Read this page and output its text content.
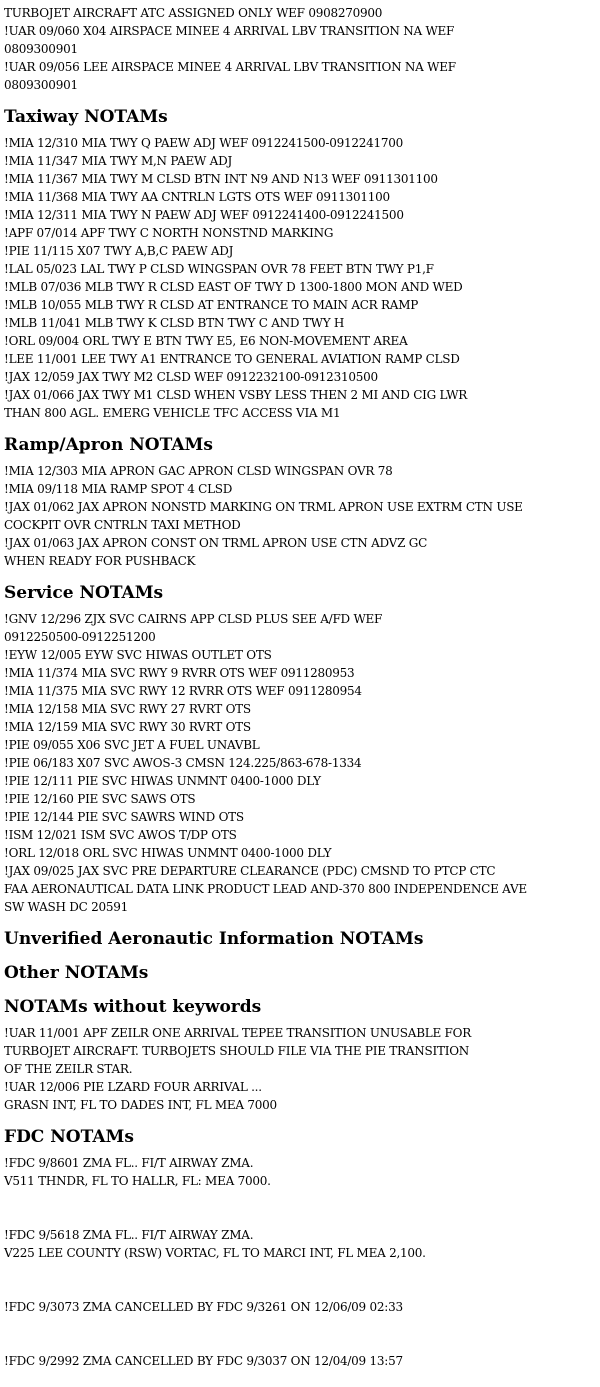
TURBOJET AIRCRAFT ATC ASSIGNED ONLY WEF 0908270900
!UAR 09/060 X04 AIRSPACE MINEE 4 ARRIVAL LBV TRANSITION NA WEF
0809300901
!UAR 09/056 LEE AIRSPACE MINEE 4 ARRIVAL LBV TRANSITION NA WEF
0809300901
Taxiway NOTAMs
!MIA 12/310 MIA TWY Q PAEW ADJ WEF 0912241500-0912241700
!MIA 11/347 MIA TWY M,N PAEW ADJ
!MIA 11/367 MIA TWY M CLSD BTN INT N9 AND N13 WEF 0911301100
!MIA 11/368 MIA TWY AA CNTRLN LGTS OTS WEF 0911301100
!MIA 12/311 MIA TWY N PAEW ADJ WEF 0912241400-0912241500
!APF 07/014 APF TWY C NORTH NONSTND MARKING
!PIE 11/115 X07 TWY A,B,C PAEW ADJ
!LAL 05/023 LAL TWY P CLSD WINGSPAN OVR 78 FEET BTN TWY P1,F
!MLB 07/036 MLB TWY R CLSD EAST OF TWY D 1300-1800 MON AND WED
!MLB 10/055 MLB TWY R CLSD AT ENTRANCE TO MAIN ACR RAMP
!MLB 11/041 MLB TWY K CLSD BTN TWY C AND TWY H
!ORL 09/004 ORL TWY E BTN TWY E5, E6 NON-MOVEMENT AREA
!LEE 11/001 LEE TWY A1 ENTRANCE TO GENERAL AVIATION RAMP CLSD
!JAX 12/059 JAX TWY M2 CLSD WEF 0912232100-0912310500
!JAX 01/066 JAX TWY M1 CLSD WHEN VSBY LESS THEN 2 MI AND CIG LWR
THAN 800 AGL. EMERG VEHICLE TFC ACCESS VIA M1
Ramp/Apron NOTAMs
!MIA 12/303 MIA APRON GAC APRON CLSD WINGSPAN OVR 78
!MIA 09/118 MIA RAMP SPOT 4 CLSD
!JAX 01/062 JAX APRON NONSTD MARKING ON TRML APRON USE EXTRM CTN USE
COCKPIT OVR CNTRLN TAXI METHOD
!JAX 01/063 JAX APRON CONST ON TRML APRON USE CTN ADVZ GC
WHEN READY FOR PUSHBACK
Service NOTAMs
!GNV 12/296 ZJX SVC CAIRNS APP CLSD PLUS SEE A/FD WEF
0912250500-0912251200
!EYW 12/005 EYW SVC HIWAS OUTLET OTS
!MIA 11/374 MIA SVC RWY 9 RVRR OTS WEF 0911280953
!MIA 11/375 MIA SVC RWY 12 RVRR OTS WEF 0911280954
!MIA 12/158 MIA SVC RWY 27 RVRT OTS
!MIA 12/159 MIA SVC RWY 30 RVRT OTS
!PIE 09/055 X06 SVC JET A FUEL UNAVBL
!PIE 06/183 X07 SVC AWOS-3 CMSN 124.225/863-678-1334
!PIE 12/111 PIE SVC HIWAS UNMNT 0400-1000 DLY
!PIE 12/160 PIE SVC SAWS OTS
!PIE 12/144 PIE SVC SAWRS WIND OTS
!ISM 12/021 ISM SVC AWOS T/DP OTS
!ORL 12/018 ORL SVC HIWAS UNMNT 0400-1000 DLY
!JAX 09/025 JAX SVC PRE DEPARTURE CLEARANCE (PDC) CMSND TO PTCP CTC
FAA AERONAUTICAL DATA LINK PRODUCT LEAD AND-370 800 INDEPENDENCE AVE
SW WASH DC 20591
Unverified Aeronautic Information NOTAMs
Other NOTAMs
NOTAMs without keywords
!UAR 11/001 APF ZEILR ONE ARRIVAL TEPEE TRANSITION UNUSABLE FOR
TURBOJET AIRCRAFT. TURBOJETS SHOULD FILE VIA THE PIE TRANSITION
OF THE ZEILR STAR.
!UAR 12/006 PIE LZARD FOUR ARRIVAL ...
GRASN INT, FL TO DADES INT, FL MEA 7000
FDC NOTAMs
!FDC 9/8601 ZMA FL.. FI/T AIRWAY ZMA.
V511 THNDR, FL TO HALLR, FL: MEA 7000.
!FDC 9/5618 ZMA FL.. FI/T AIRWAY ZMA.
V225 LEE COUNTY (RSW) VORTAC, FL TO MARCI INT, FL MEA 2,100.
!FDC 9/3073 ZMA CANCELLED BY FDC 9/3261 ON 12/06/09 02:33
!FDC 9/2992 ZMA CANCELLED BY FDC 9/3037 ON 12/04/09 13:57
